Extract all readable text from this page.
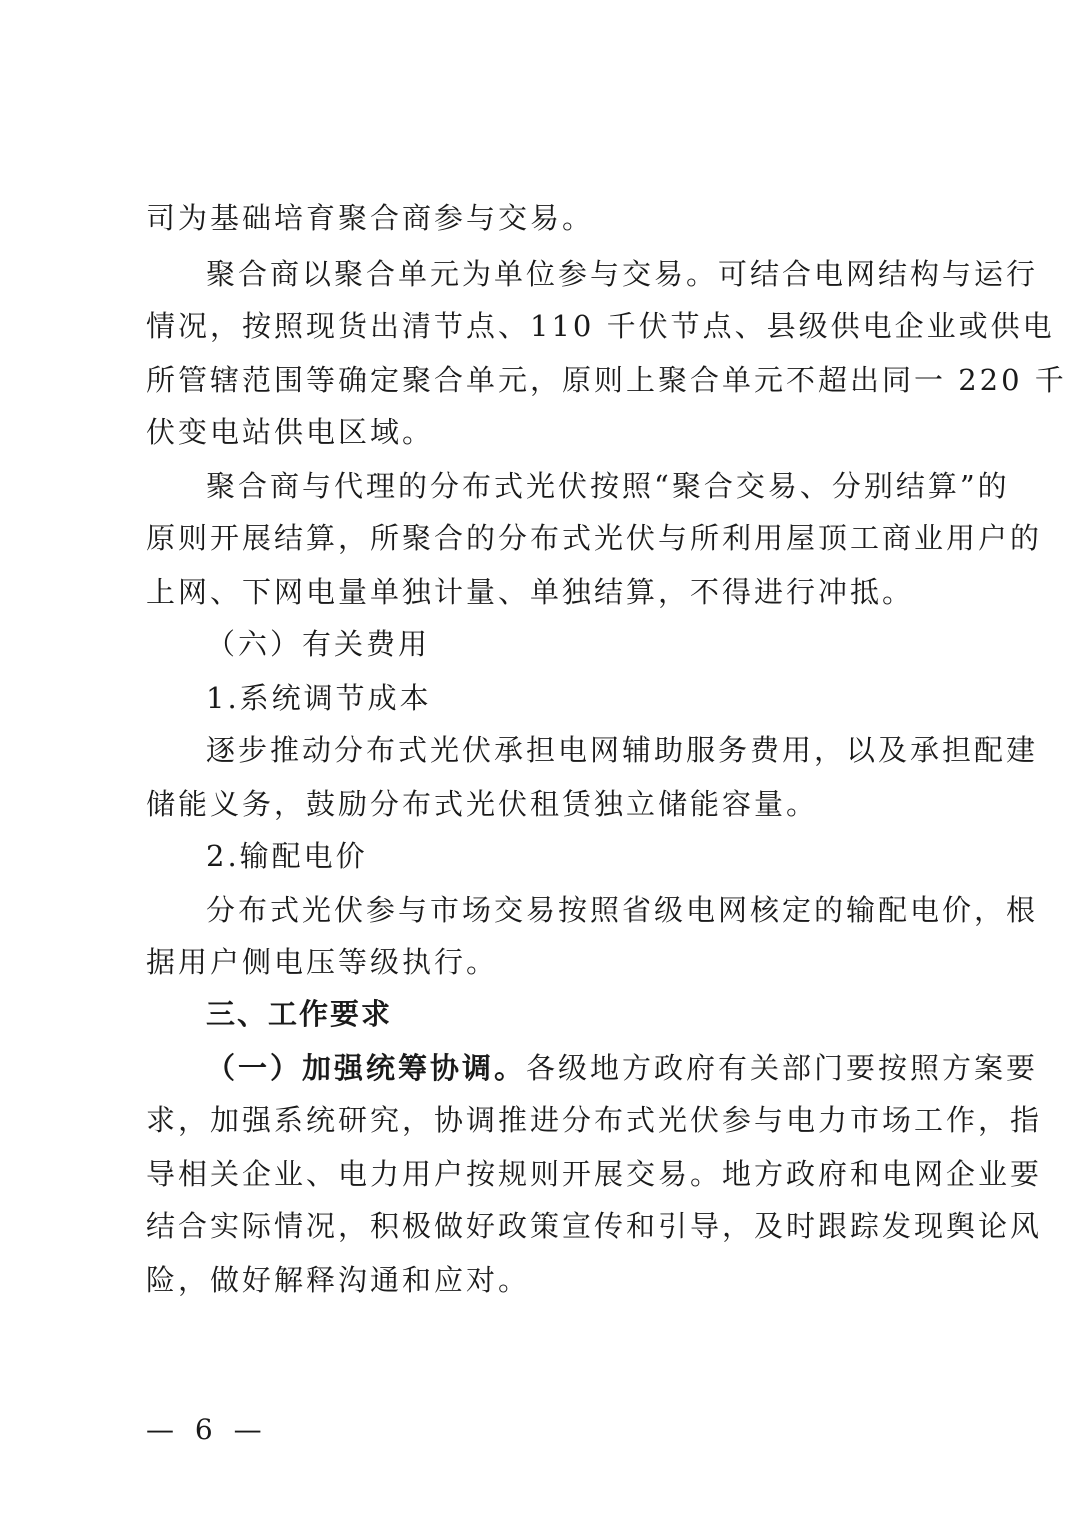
司为基础培育聚合商参与交易。
聚合商以聚合单元为单位参与交易。可结合电网结构与运行
情况，按照现货出清节点、110 千伏节点、县级供电企业或供电
所管辖范围等确定聚合单元，原则上聚合单元不超出同一 220 千
伏变电站供电区域。
聚合商与代理的分布式光伏按照“聚合交易、分别结算”的
原则开展结算，所聚合的分布式光伏与所利用屋顶工商业用户的
上网、下网电量单独计量、单独结算，不得进行冲抵。
（六）有关费用
1.系统调节成本
逐步推动分布式光伏承担电网辅助服务费用，以及承担配建
储能义务，鼓励分布式光伏租赁独立储能容量。
2.输配电价
分布式光伏参与市场交易按照省级电网核定的输配电价，根
据用户侧电压等级执行。
三、工作要求
（一）加强统筹协调。各级地方政府有关部门要按照方案要
求，加强系统研究，协调推进分布式光伏参与电力市场工作，指
导相关企业、电力用户按规则开展交易。地方政府和电网企业要
结合实际情况，积极做好政策宣传和引导，及时跟踪发现舆论风
险，做好解释沟通和应对。
— 6 —
